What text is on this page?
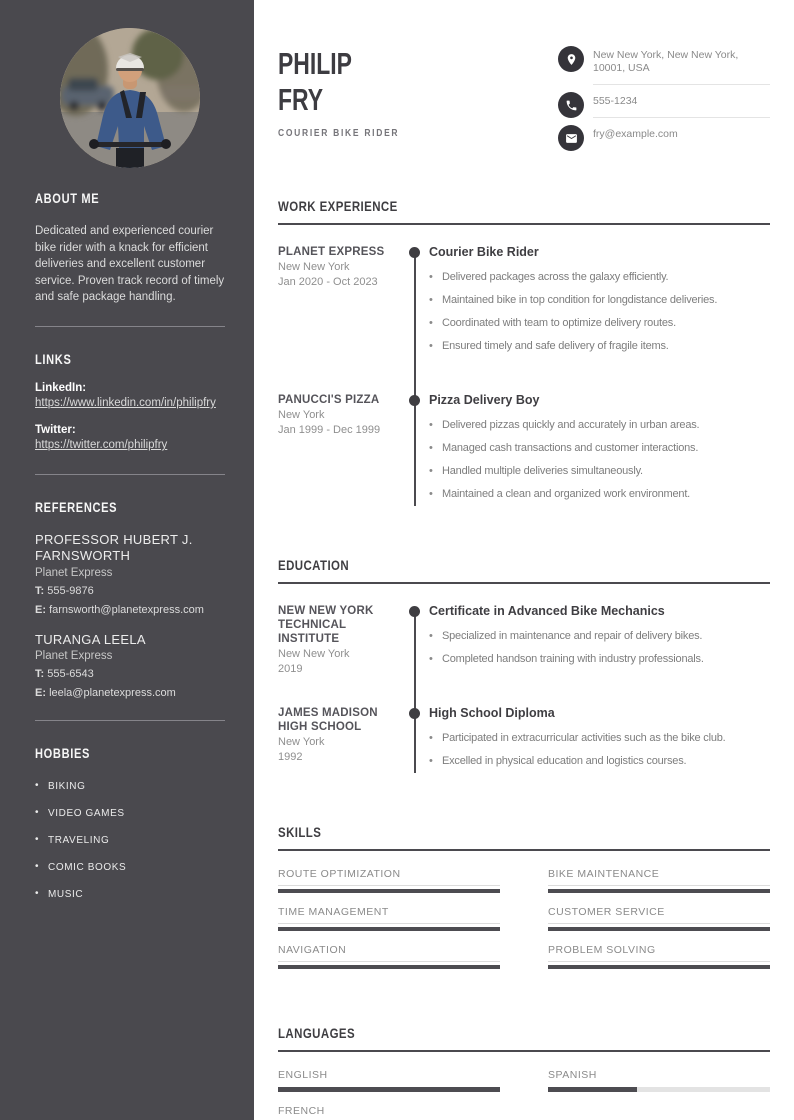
ABOUT ME

Dedicated and experienced courier bike rider with a knack for efficient deliveries and excellent customer service. Proven track record of timely and safe package handling.

LINKS
LinkedIn:
https://www.linkedin.com/in/philipfry
Twitter:
https://twitter.com/philipfry
REFERENCES
PROFESSOR HUBERT J. FARNSWORTH
Planet Express
T: 555-9876
E: farnsworth@planetexpress.com
TURANGA LEELA
Planet Express
T: 555-6543
E: leela@planetexpress.com
HOBBIES
• BIKING
• VIDEO GAMES
• TRAVELING
• COMIC BOOKS
• MUSIC
PHILIP
FRY
COURIER BIKE RIDER
New New York, New New York, 10001, USA
555-1234
fry@example.com
WORK EXPERIENCE
PLANET EXPRESS
New New York
Jan 2020 - Oct 2023
Courier Bike Rider
• Delivered packages across the galaxy efficiently.
• Maintained bike in top condition for longdistance deliveries.
• Coordinated with team to optimize delivery routes.
• Ensured timely and safe delivery of fragile items.
PANUCCI'S PIZZA
New York
Jan 1999 - Dec 1999
Pizza Delivery Boy
• Delivered pizzas quickly and accurately in urban areas.
• Managed cash transactions and customer interactions.
• Handled multiple deliveries simultaneously.
• Maintained a clean and organized work environment.
EDUCATION
NEW NEW YORK TECHNICAL INSTITUTE
New New York
2019
Certificate in Advanced Bike Mechanics
• Specialized in maintenance and repair of delivery bikes.
• Completed handson training with industry professionals.
JAMES MADISON HIGH SCHOOL
New York
1992
High School Diploma
• Participated in extracurricular activities such as the bike club.
• Excelled in physical education and logistics courses.
SKILLS
ROUTE OPTIMIZATION	BIKE MAINTENANCE
TIME MANAGEMENT	CUSTOMER SERVICE
NAVIGATION	PROBLEM SOLVING
LANGUAGES
ENGLISH	SPANISH
FRENCH
